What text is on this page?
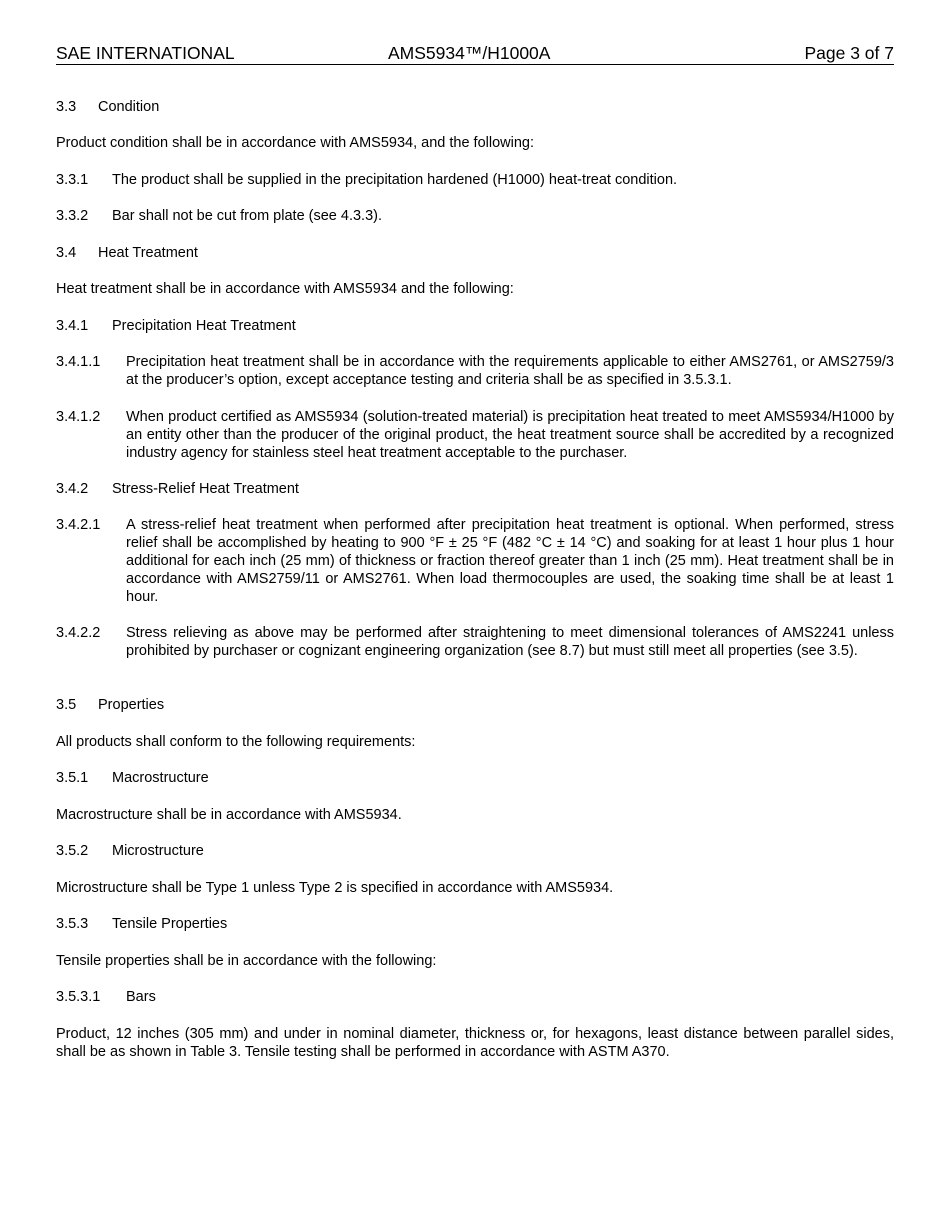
SAE INTERNATIONAL	AMS5934™/H1000A	Page 3 of 7
3.3 Condition
Product condition shall be in accordance with AMS5934, and the following:
3.3.1 The product shall be supplied in the precipitation hardened (H1000) heat-treat condition.
3.3.2 Bar shall not be cut from plate (see 4.3.3).
3.4 Heat Treatment
Heat treatment shall be in accordance with AMS5934 and the following:
3.4.1 Precipitation Heat Treatment
3.4.1.1 Precipitation heat treatment shall be in accordance with the requirements applicable to either AMS2761, or AMS2759/3 at the producer’s option, except acceptance testing and criteria shall be as specified in 3.5.3.1.
3.4.1.2 When product certified as AMS5934 (solution-treated material) is precipitation heat treated to meet AMS5934/H1000 by an entity other than the producer of the original product, the heat treatment source shall be accredited by a recognized industry agency for stainless steel heat treatment acceptable to the purchaser.
3.4.2 Stress-Relief Heat Treatment
3.4.2.1 A stress-relief heat treatment when performed after precipitation heat treatment is optional. When performed, stress relief shall be accomplished by heating to 900 °F ± 25 °F (482 °C ± 14 °C) and soaking for at least 1 hour plus 1 hour additional for each inch (25 mm) of thickness or fraction thereof greater than 1 inch (25 mm). Heat treatment shall be in accordance with AMS2759/11 or AMS2761. When load thermocouples are used, the soaking time shall be at least 1 hour.
3.4.2.2 Stress relieving as above may be performed after straightening to meet dimensional tolerances of AMS2241 unless prohibited by purchaser or cognizant engineering organization (see 8.7) but must still meet all properties (see 3.5).
3.5 Properties
All products shall conform to the following requirements:
3.5.1 Macrostructure
Macrostructure shall be in accordance with AMS5934.
3.5.2 Microstructure
Microstructure shall be Type 1 unless Type 2 is specified in accordance with AMS5934.
3.5.3 Tensile Properties
Tensile properties shall be in accordance with the following:
3.5.3.1 Bars
Product, 12 inches (305 mm) and under in nominal diameter, thickness or, for hexagons, least distance between parallel sides, shall be as shown in Table 3. Tensile testing shall be performed in accordance with ASTM A370.
